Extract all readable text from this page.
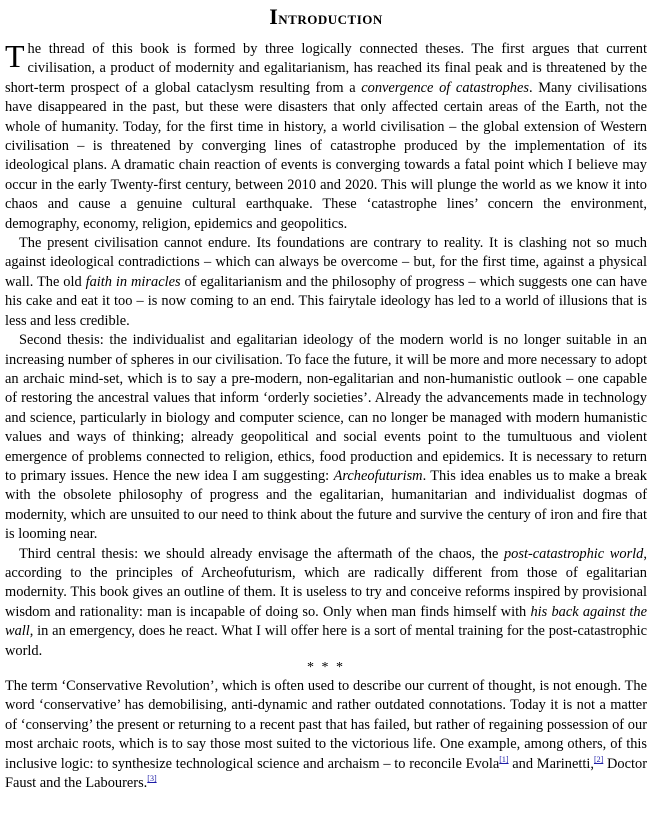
Introduction

The thread of this book is formed by three logically connected theses. The first argues that current civilisation, a product of modernity and egalitarianism, has reached its final peak and is threatened by the short-term prospect of a global cataclysm resulting from a convergence of catastrophes. Many civilisations have disappeared in the past, but these were disasters that only affected certain areas of the Earth, not the whole of humanity. Today, for the first time in history, a world civilisation – the global extension of Western civilisation – is threatened by converging lines of catastrophe produced by the implementation of its ideological plans. A dramatic chain reaction of events is converging towards a fatal point which I believe may occur in the early Twenty-first century, between 2010 and 2020. This will plunge the world as we know it into chaos and cause a genuine cultural earthquake. These ‘catastrophe lines’ concern the environment, demography, economy, religion, epidemics and geopolitics.

The present civilisation cannot endure. Its foundations are contrary to reality. It is clashing not so much against ideological contradictions – which can always be overcome – but, for the first time, against a physical wall. The old faith in miracles of egalitarianism and the philosophy of progress – which suggests one can have his cake and eat it too – is now coming to an end. This fairytale ideology has led to a world of illusions that is less and less credible.

Second thesis: the individualist and egalitarian ideology of the modern world is no longer suitable in an increasing number of spheres in our civilisation. To face the future, it will be more and more necessary to adopt an archaic mind-set, which is to say a pre-modern, non-egalitarian and non-humanistic outlook – one capable of restoring the ancestral values that inform ‘orderly societies’. Already the advancements made in technology and science, particularly in biology and computer science, can no longer be managed with modern humanistic values and ways of thinking; already geopolitical and social events point to the tumultuous and violent emergence of problems connected to religion, ethics, food production and epidemics. It is necessary to return to primary issues. Hence the new idea I am suggesting: Archeofuturism. This idea enables us to make a break with the obsolete philosophy of progress and the egalitarian, humanitarian and individualist dogmas of modernity, which are unsuited to our need to think about the future and survive the century of iron and fire that is looming near.

Third central thesis: we should already envisage the aftermath of the chaos, the post-catastrophic world, according to the principles of Archeofuturism, which are radically different from those of egalitarian modernity. This book gives an outline of them. It is useless to try and conceive reforms inspired by provisional wisdom and rationality: man is incapable of doing so. Only when man finds himself with his back against the wall, in an emergency, does he react. What I will offer here is a sort of mental training for the post-catastrophic world.

* * *

The term ‘Conservative Revolution’, which is often used to describe our current of thought, is not enough. The word ‘conservative’ has demobilising, anti-dynamic and rather outdated connotations. Today it is not a matter of ‘conserving’ the present or returning to a recent past that has failed, but rather of regaining possession of our most archaic roots, which is to say those most suited to the victorious life. One example, among others, of this inclusive logic: to synthesize technological science and archaism – to reconcile Evola[1] and Marinetti,[2] Doctor Faust and the Labourers.[3]
